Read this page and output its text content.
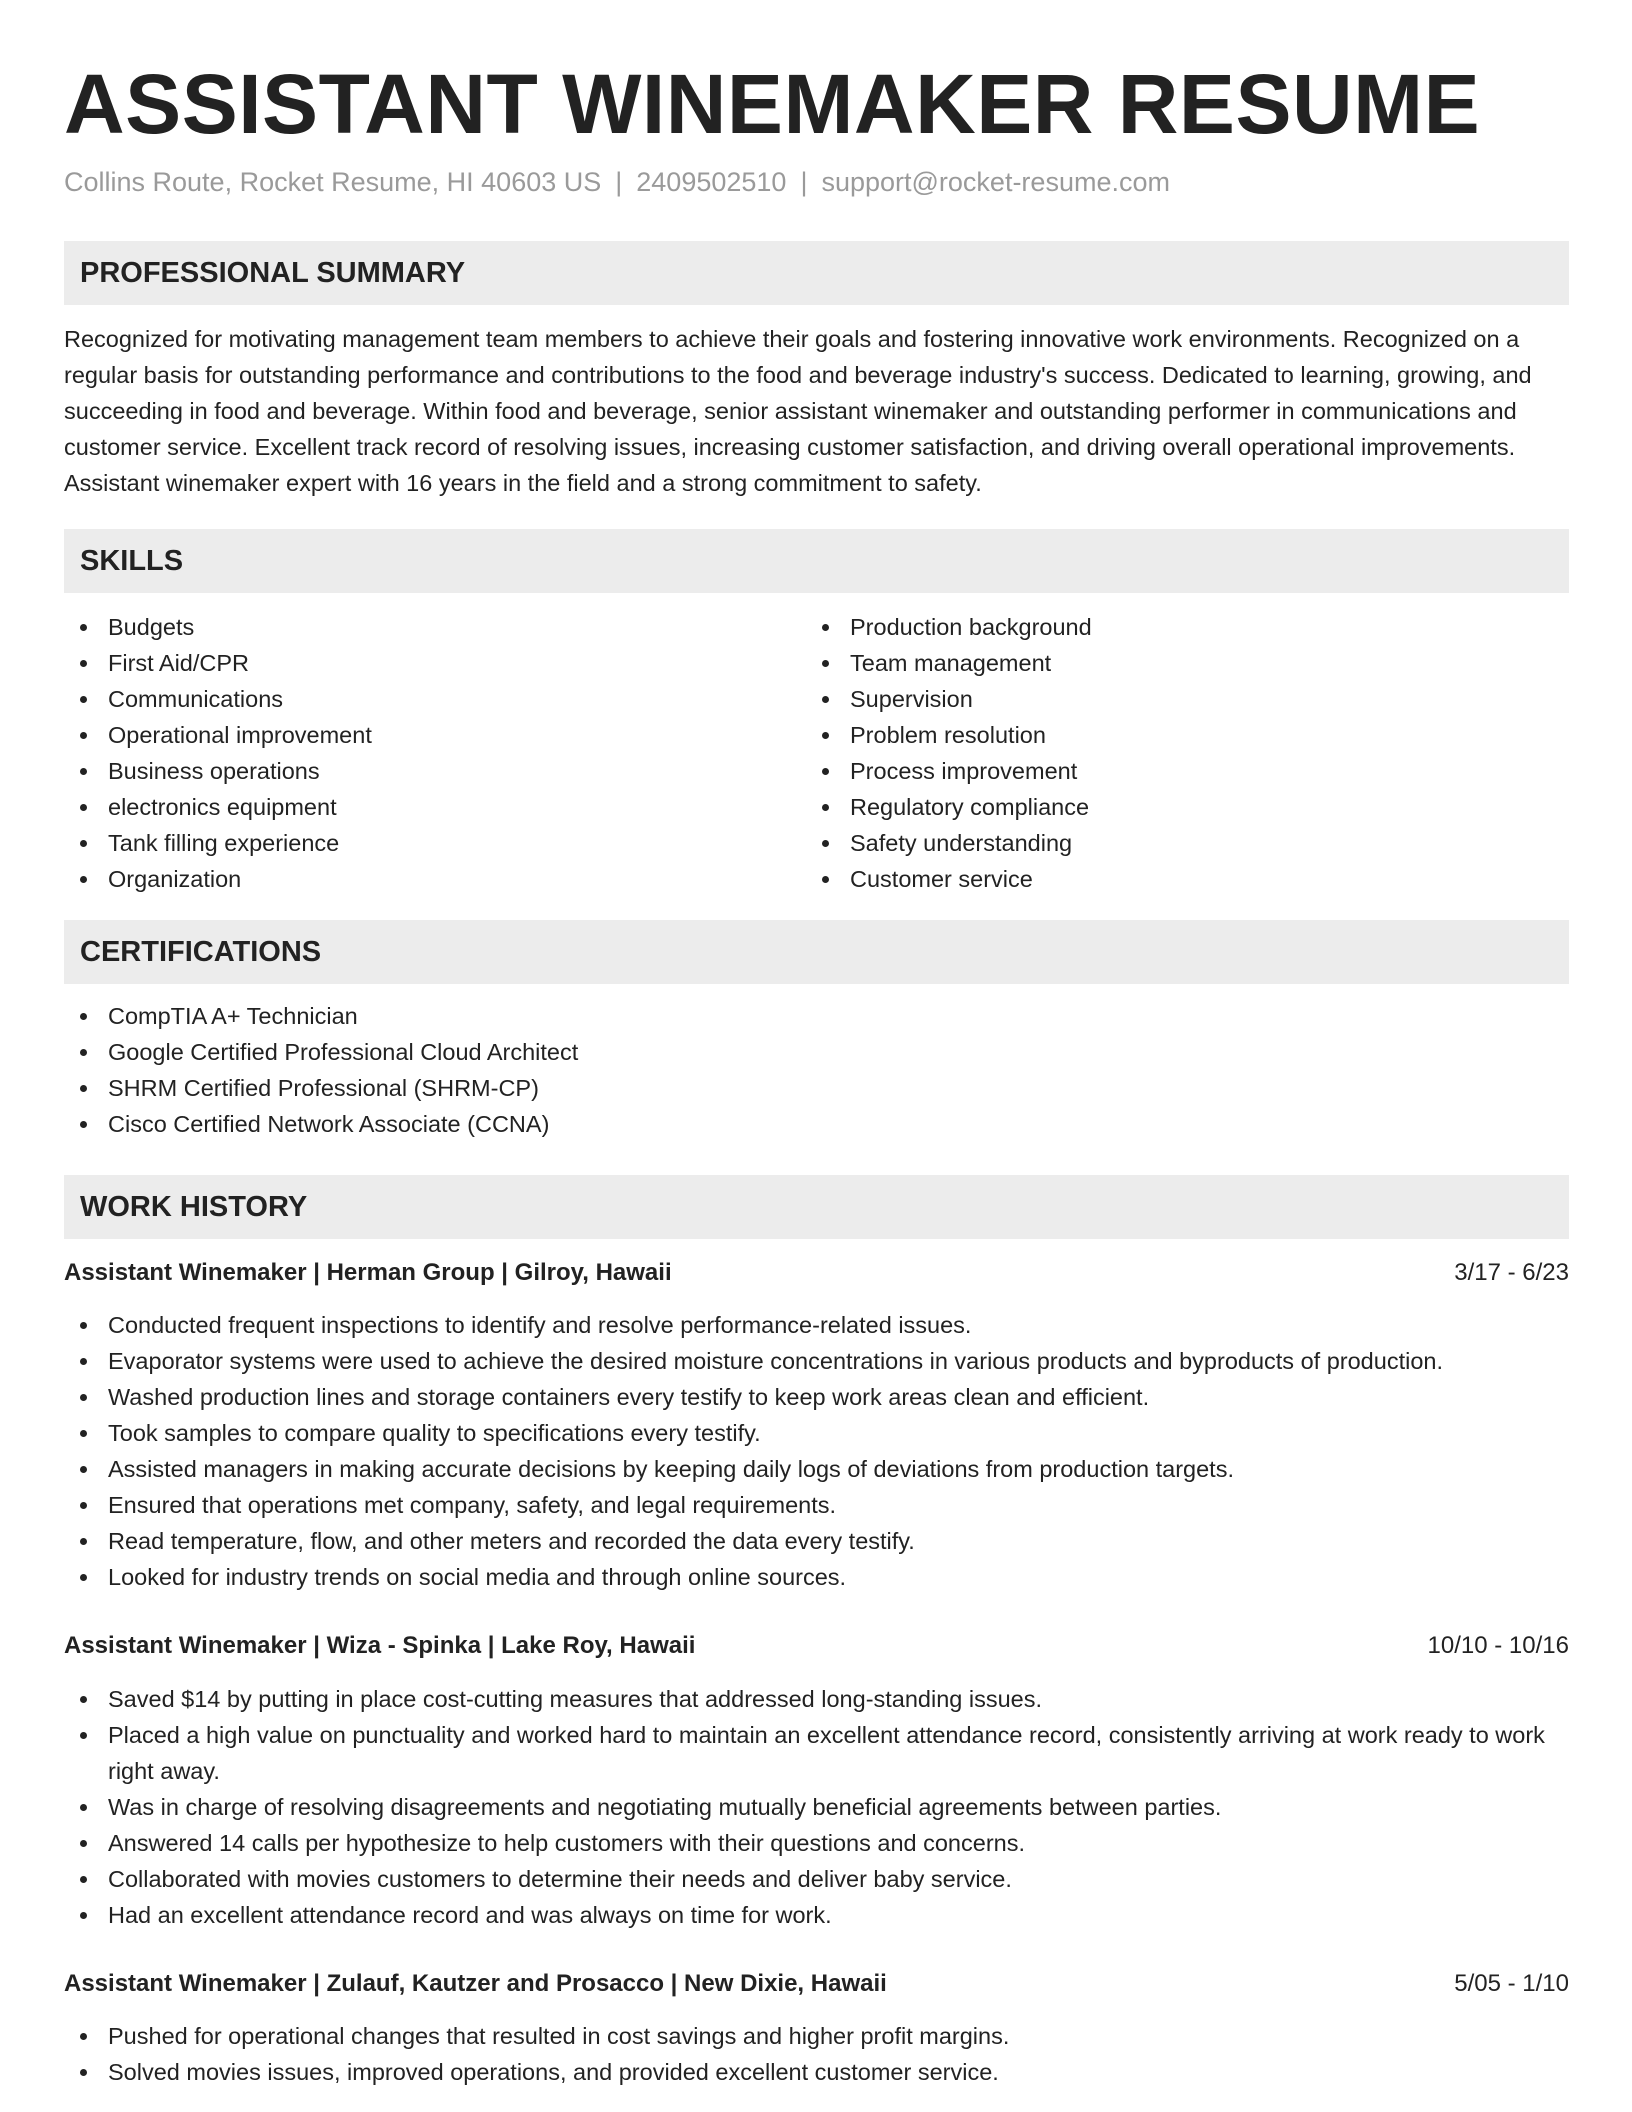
ASSISTANT WINEMAKER RESUME
Collins Route, Rocket Resume, HI 40603 US | 2409502510 | support@rocket-resume.com
PROFESSIONAL SUMMARY

Recognized for motivating management team members to achieve their goals and fostering innovative work environments. Recognized on a regular basis for outstanding performance and contributions to the food and beverage industry's success. Dedicated to learning, growing, and succeeding in food and beverage. Within food and beverage, senior assistant winemaker and outstanding performer in communications and customer service. Excellent track record of resolving issues, increasing customer satisfaction, and driving overall operational improvements. Assistant winemaker expert with 16 years in the field and a strong commitment to safety.

SKILLS
Budgets
First Aid/CPR
Communications
Operational improvement
Business operations
electronics equipment
Tank filling experience
Organization
Production background
Team management
Supervision
Problem resolution
Process improvement
Regulatory compliance
Safety understanding
Customer service
CERTIFICATIONS
CompTIA A+ Technician
Google Certified Professional Cloud Architect
SHRM Certified Professional (SHRM-CP)
Cisco Certified Network Associate (CCNA)
WORK HISTORY
Assistant Winemaker | Herman Group | Gilroy, Hawaii	3/17 - 6/23
Conducted frequent inspections to identify and resolve performance-related issues.
Evaporator systems were used to achieve the desired moisture concentrations in various products and byproducts of production.
Washed production lines and storage containers every testify to keep work areas clean and efficient.
Took samples to compare quality to specifications every testify.
Assisted managers in making accurate decisions by keeping daily logs of deviations from production targets.
Ensured that operations met company, safety, and legal requirements.
Read temperature, flow, and other meters and recorded the data every testify.
Looked for industry trends on social media and through online sources.
Assistant Winemaker | Wiza - Spinka | Lake Roy, Hawaii	10/10 - 10/16
Saved $14 by putting in place cost-cutting measures that addressed long-standing issues.
Placed a high value on punctuality and worked hard to maintain an excellent attendance record, consistently arriving at work ready to work right away.
Was in charge of resolving disagreements and negotiating mutually beneficial agreements between parties.
Answered 14 calls per hypothesize to help customers with their questions and concerns.
Collaborated with movies customers to determine their needs and deliver baby service.
Had an excellent attendance record and was always on time for work.
Assistant Winemaker | Zulauf, Kautzer and Prosacco | New Dixie, Hawaii	5/05 - 1/10
Pushed for operational changes that resulted in cost savings and higher profit margins.
Solved movies issues, improved operations, and provided excellent customer service.
